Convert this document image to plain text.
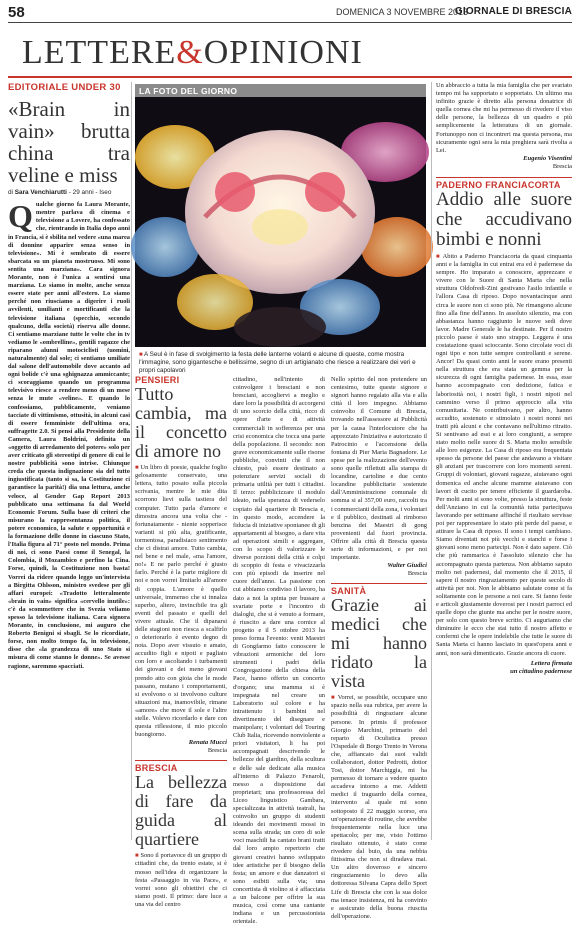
58	DOMENICA 3 NOVEMBRE 2013
GIORNALE DI BRESCIA
LETTERE&OPINIONI
EDITORIALE UNDER 30
«Brain in vain» brutta china tra veline e miss
di Sara Venchiarutti - 29 anni - Iseo

Qualche giorno fa Laura Morante, mentre parlava di cinema e televisione a Lovere, ha confessato che, rientrando in Italia dopo anni in Francia, si è sbilita nel vedere «una marea di donnine apparire senza senso in televisione». Mi è sembrato di essere sbarcata su un pianeta mostruoso. Mi sono sentita una marziana». Cara signora Morante, non è l'unica a sentirsi una marziana. Lo siamo in molte, anche senza essere state per anni all'estero. Lo siamo perché non riusciamo a digerire i ruoli avvilenti, umilianti e mortificanti che la televisione italiana (specchio, secondo qualcuno, della società) riserva alle donne. Ci sentiamo marziane tutte le volte che in tv vediamo le «ombrelline», gentili ragazze che riparano alunni motociclisti (uomini, naturalmente) dal sole; ci sentiamo umiliate dal salone dell'automobile dove accanto ad ogni bolide c'è una sghignazza ammiccante; ci scoraggiamo quando un programma televisivo riesce a rendere meno di un mese senza le mute «veline». E quando lo confessiamo, pubblicamente, veniamo tacciate di vittimismo, ottusità, in alcuni casi di essere femministe dell'ultima ora, suffragette 2.0. Si pensi alla Presidente della Camera, Laura Boldrini, definita un «oggetto di arredamento del potere» solo per aver criticato gli stereotipi di genere di cui le nostre pubblicità sono intrise. Chiunque creda che questa indignazione sia del tutto ingiustificata (tanto si sa, la Costituzione ci garantisce la parità!) dia una lettura, anche veloce, al Gender Gap Report 2013 pubblicato una settimana fa dal World Economic Forum. Sulla base di criteri che misurano la rappresentanza politica, il potere economico, la salute e opportunità e la formazione delle donne in ciascuno Stato, l'Italia figura al 71° posto nel mondo. Prima di noi, ci sono Paesi come il Senegal, la Colombia, il Mozambico e perfino la Cina. Forse, quindi, la Costituzione non basta! Vorrei da ridere quando leggo un'intervista a Birgitta Ohlsson, ministro svedese per gli affari europei: «Tradotto letteralmente «brain in vain» significa «cervello inutile»: c'è da scommettere che in Svezia veliamo spesso la televisione italiana. Cara signora Morante, in conclusione, mi auguro che Roberto Benigni si sbagli. Se lo ricordiate, forse, non molto tempo fa, in televisione, disse che «la grandezza di uno Stato si misura di come stanno le donne». Se avesse ragione, saremmo spacciati.

LA FOTO DEL GIORNO
■ A Seul è in fase di svolgimento la festa delle lanterne volanti e alcune di queste, come mostra l'immagine, sono gigantesche e bellissime, segno di un artigianato che riesce a realizzare dei veri e propri capolavori
PENSIERI
Tutto cambia, ma il concetto di amore no

■ Un libro di poesie, qualche foglio gelosamente conservato, una lettera, tutto posato sulla piccola scrivania, mentre le mie dita scorrono lievi sulla tastiera del computer. Tutto parla d'amore e dimostra ancora una volta che - fortunatamente - niente sopperisce varianti si più alta, gratificante, tormentosa, paradisiaco sentimento che ci distrai amore. Tutto cambia, nel bene e nel male, «ma l'amore, no!» E ne parlo perché è giusto farlo. Perché è la parte migliore di noi e non vorrei limitarlo all'amore di coppia. L'amore è quello universale, immenso che si innalza superbo, altero, invincibile tra gli eventi del passato e quelli del vivere attuale. Che il dipanarsi delle stagioni non riesca a scalfirlo o deteriorarlo è evento degno di nota. Dopo aver vissuto e amato, accudito figli e nipoti e pagliato con loro e ascoltando i turbamenti dei giovani e dei meno giovani prendo atto con gioia che le mode passano, mutano i comportamenti, si evolvono o si involvono culture situazioni ma, inamovibile, rimane «amore» che move il sole e l'altre stelle. Volevo ricordarlo e dare con questa riflessione, il mio piccolo buongiorno.

Renata Mucci
Brescia
BRESCIA
La bellezza di fare da guida al quartiere

■ Sono il portavoce di un gruppo di cittadini che, da trento estate, si è mosso nell'idea di organizzare la festa «Passaggio in via Pace», e vorrei sono gli obiettivi che ci siamo posti. Il primo: dare luce a una via del centro

cittadino, nell'intento di coinvolgere i bresciani e non bresciani, accogliervi a meglio e dare loro la possibilità di accorgersi di uno scorcio della città, ricco di opere d'arte e di attività commerciali in sofferenza per una crisi economica che tocca una parte della popolazione. Il secondo: non grave economicamente sulle risorse pubbliche, convinti che il non chiesto, può essere destinato a potenziare servizi sociali di primaria utilità per tutti i cittadini. Il terzo: pubblicizzare il modulo ideato, nella speranza di vederselo copiato dal quartiere di Brescia e, in questo modo, accendere la fiducia di iniziative spontanee di gli appartamenti al bisogno, a dare vita ad operazioni simili e aggregare, con lo scopo di valorizzare le diverse porzioni della città e colpi di scoppio di festa e vivacizzarla con più episodi da inserire nel cuore dell'anno. La passione con cui abbiamo condiviso il lavoro, ha dato a noi la spinta per bussare a svariate porte e l'incontro di dialoghi, che si è venuto a formare, è riuscito a dare una cornice al progetto e il 5 ottobre 2013 ha preso forma l'evento: venti Maestri di Gongfarmo fatto conoscere le vibrazioni armoniche del loro strumenti i padri della Congregazione della chiesa della Pace, hanno offerto un concerto d'organo; una mamma si è impegnata nel creare un Laboratorio sul colore e ha intrattenuto i bambini nel divertimento del disegnare e manipolare; i volontari del Touring Club Italia, ricevendo nonviolente a priori visitatori, li ha poi accompagnati descrivendo le bellezze del giardino, della scultura e delle sale dedicate alla musica all'interno di Palazzo Fenaroli, messo a disposizione dai proprietari; una professoressa del Liceo linguistico Gambara, specializzata in attività teatrali, ha coinvolto un gruppo di studenti ideando dei movimenti mossi in scena sulla strada; un coro di sole voci maschili ha cantato brani tratti dal loro ampio repertorio che giovani creativi hanno sviluppato idee artistiche per il bisogno della festa; un amore e due danzatori si sono esibiti sulla via; una concertista di violino si è affacciata a un balcone per offrire la sua musica, così come una cantante indiana e un percussionista orientale.

Nello spirito del non pretendere un centesimo, tutte queste signore e signori hanno regalato alla via e alla città il loro impegno. Abbiamo coinvolto il Comune di Brescia, trovando nell'assessore ai Pubblicità per la causa l'interlocutore che ha apprezzato l'iniziativa e autorizzato il Patrocinio e l'accensione della fontana di Pier Maria Bagnadore. Le spese per la realizzazione dell'evento sono quelle riflettuti alla stampa di locandine, cartoline e due cento locandine pubblicitarie sostenute dall'Amministrazione comunale di somma si al 357,00 euro, raccolti tra i commercianti della zona, i volontari e il pubblico, destinati al rimborso benzina dei Maestri di gong provenienti dal fuori provincia. Offrire alla città di Brescia questa serie di informazioni, e per noi importante.

Walter Giudici
Brescia
SANITÀ
Grazie ai medici che mi hanno ridato la vista

■ Vorrei, se possibile, occupare uno spazio nella sua rubrica, per avere la possibilità di ringraziare alcune persone. In primis il professor Giorgio Marchini, primario del reparto di Oculistica presso l'Ospedale di Borgo Trento in Verona che, affiancato dai suoi validi collaboratori, dottor Pedrotti, dottor Tosi, dottor Marchiggia, mi ha permesso di tornare a vedere quanto accadeva intorno a me. Addetti medici il traguardo della cornea, intervento al quale mi sono sottoposto il 22 maggio scorso, era un'operazione di routine, che avrebbe frequentemente nella luce una spettacolo; per me, visto l'ottimo risultato ottenuto, è stato come rivedere dal buio, da una nebbia fittissima che non si diradava mai. Un altro doveroso e sincero ringraziamento lo devo alla dottoressa Silvana Capra dello Sport Life di Brescia che con la sua dolce ma tenace insistenza, mi ha convinto e assicurato della buona riuscita dell'operazione.

Un abbraccio a tutta la mia famiglia che per svariato tempo mi ha supportato e sopportato. Un ultimo ma infinito grazie è diretto alla persona donatrice di quella cornea che mi ha permesso di rivedere il viso delle persone, la bellezza di un quadro e più semplicemente la letteratura di un giornale. Fortunoppo non ci incontreri ma questa persona, ma sicuramente ogni sera la mia preghiera sarà rivolta a Lei.

Eugenio Visentini
Brescia
PADERNO FRANCIACORTA
Addio alle suore che accudivano bimbi e nonni

■ Abito a Paderno Franciacorta da quasi cinquanta anni e la famiglia in cui entrai era ed è padernese da sempre. Ho imparato a conoscere, apprezzare e vivere con le Suore di Santa Marta che nella struttura Oldofredi-Zini gestivano l'asilo infantile e l'allora Casa di riposo. Dopo novantacinque anni circa le suore non ci sono più. Ne rimangono alcune fino alla fine dell'anno. In assoluto silenzio, ma con abbastanza hanno raggiunto le nuove sedi dove lavor. Madre Generale le ha destinate. Per il nostro piccolo paese è stato uno strappo. Leggera è una costatazione quasi scioccante. Sono circolate voci di ogni tipo e non tutte sempre controllanti e serene. Ancor! Da quasi cento anni le suore erano presenti nella struttura che era stata un gemma per la sicurezza di ogni famiglia padernese. In essa, esse hanno accompagnato con dedizione, fatica e laboriosità noi, i nostri figli, i nostri nipoti nel cammino verso il primo approccio alla vita comunitaria. Ne contribuivano, per altro, hanno accudito, sostenuto e stimolato i nostri nonni nei tratti più alcuni e che contavano nell'ultimo ritratto. Si sentivano ad essi e ai loro congiunti, a sempre stato molto nelle suore di S. Marta molto sensibile alle loro esigenze. La Casa di riposo era frequentata spesso da persone del paese che andavano a visitare gli anziani per trascorrere con loro momenti sereni. Gruppi di volontari, giovani ragazze, aiutavano ogni domenica ed anche alcune mamme aiutavano con lavori di cucito per tenere efficiente il guardaroba. Per molti anni si sono volte, presso la struttura, feste dell'Anziano in cui la comunità tutta partecipava lavorando per settimane affinché il risultato servisse poi per rappresentare lo stato più perde del paese, e attirare la Casa di riposo. Il sono i tempi cambiano. Siamo diventati noi più vecchi e stanchi e forse i giovani sono meno partecipi. Non è dato sapere. Ciò che più rammarica è l'assoluto silenzio che ha accompagnato questa partenza. Non abbiamo saputo molto nei padernesi, dal momento che il 2015, il sapere il nostro ringraziamento per queste secolo di attività per noi. Non le abbiamo salutate come si fa solitamente con le persone a noi care. Si fanno feste e articoli giustamente doverosi per i nostri parroci ed quelle dopo che giunte ma anche per le nostre suore, per solo con questo breve scritto. Ci auguriamo che diminuire le ecco che stai tutto il nostro affetto e confermi che le opere indelebile che tutte le suore di Santa Marta ci hanno lasciato in quest'opera anni e anni, non sarà dimenticato. Grazie ancora di cuore.

Lettera firmata
un cittadino padernese
